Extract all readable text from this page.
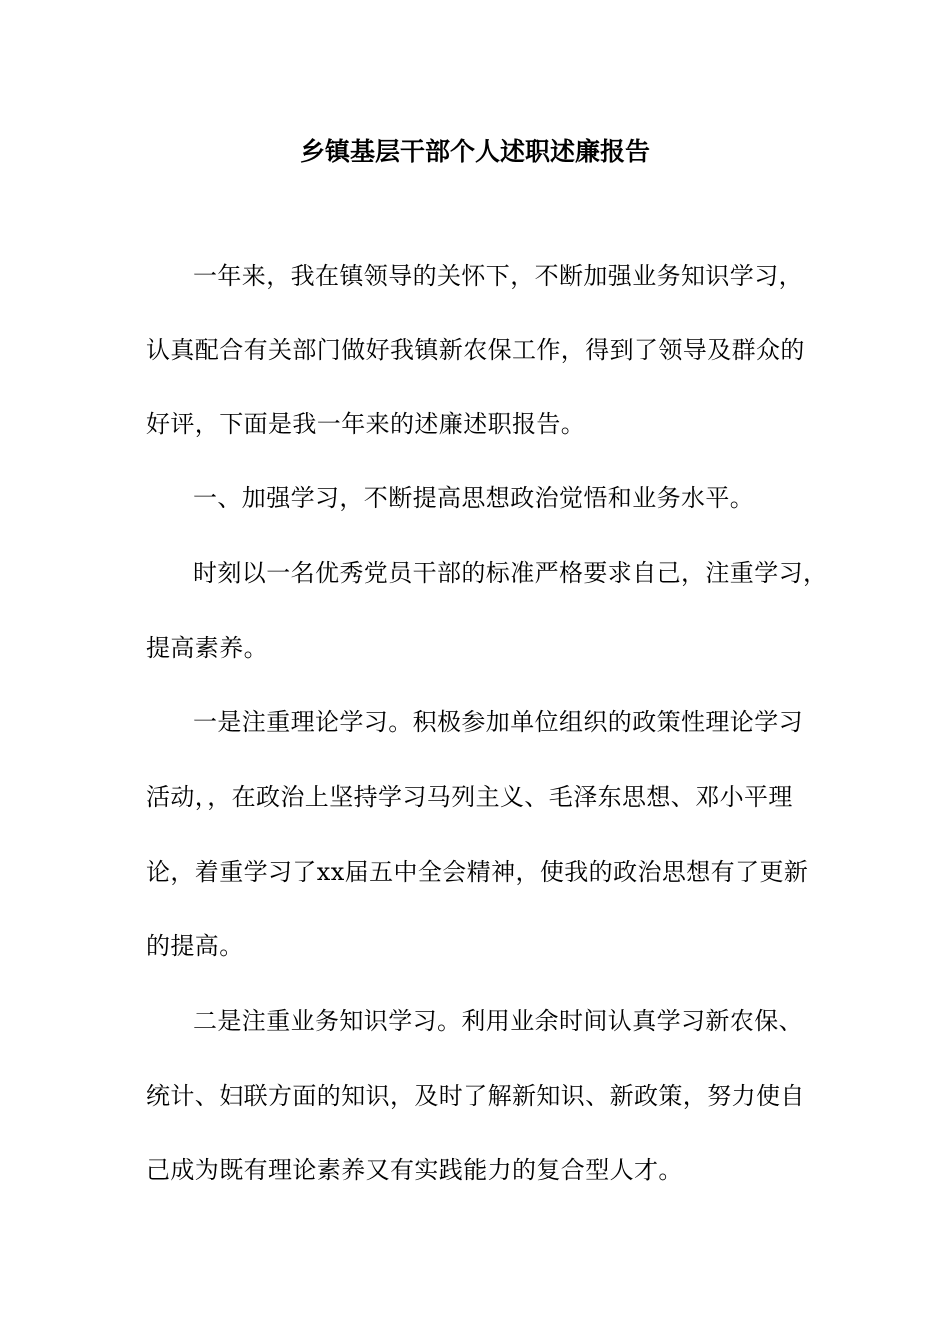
乡镇基层干部个人述职述廉报告
一年来，我在镇领导的关怀下，不断加强业务知识学习，
认真配合有关部门做好我镇新农保工作，得到了领导及群众的
好评，下面是我一年来的述廉述职报告。
一、加强学习，不断提高思想政治觉悟和业务水平。
时刻以一名优秀党员干部的标准严格要求自己，注重学习，
提高素养。
一是注重理论学习。积极参加单位组织的政策性理论学习
活动，，在政治上坚持学习马列主义、毛泽东思想、邓小平理
论，着重学习了xx届五中全会精神，使我的政治思想有了更新
的提高。
二是注重业务知识学习。利用业余时间认真学习新农保、
统计、妇联方面的知识，及时了解新知识、新政策，努力使自
己成为既有理论素养又有实践能力的复合型人才。
